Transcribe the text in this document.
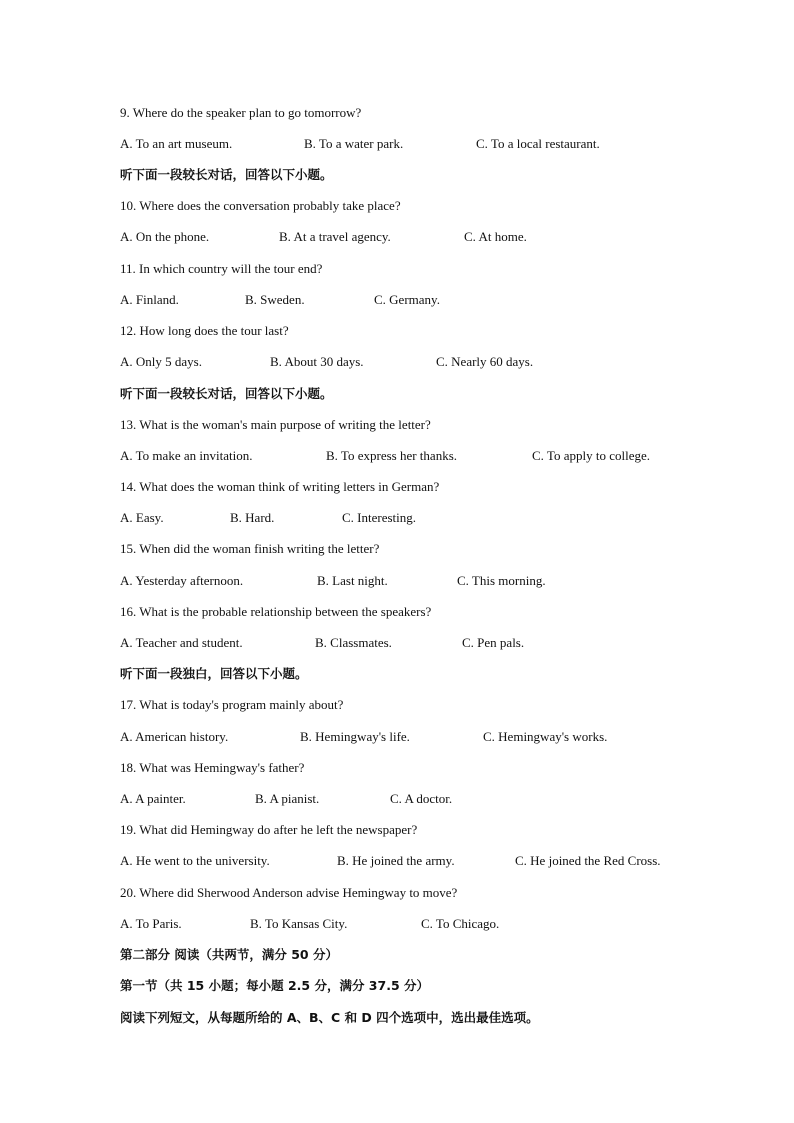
9. Where do the speaker plan to go tomorrow?
A. To an art museum.	B. To a water park.	C. To a local restaurant.
听下面一段较长对话，回答以下小题。
10. Where does the conversation probably take place?
A. On the phone.	B. At a travel agency.	C. At home.
11. In which country will the tour end?
A. Finland.	B. Sweden.	C. Germany.
12. How long does the tour last?
A. Only 5 days.	B. About 30 days.	C. Nearly 60 days.
听下面一段较长对话，回答以下小题。
13. What is the woman's main purpose of writing the letter?
A. To make an invitation.	B. To express her thanks.	C. To apply to college.
14. What does the woman think of writing letters in German?
A. Easy.	B. Hard.	C. Interesting.
15. When did the woman finish writing the letter?
A. Yesterday afternoon.	B. Last night.	C. This morning.
16. What is the probable relationship between the speakers?
A. Teacher and student.	B. Classmates.	C. Pen pals.
听下面一段独白，回答以下小题。
17. What is today's program mainly about?
A. American history.	B. Hemingway's life.	C. Hemingway's works.
18. What was Hemingway's father?
A. A painter.	B. A pianist.	C. A doctor.
19. What did Hemingway do after he left the newspaper?
A. He went to the university.	B. He joined the army.	C. He joined the Red Cross.
20. Where did Sherwood Anderson advise Hemingway to move?
A. To Paris.	B. To Kansas City.	C. To Chicago.
第二部分 阅读（共两节，满分 50 分）
第一节（共 15 小题；每小题 2.5 分，满分 37.5 分）
阅读下列短文，从每题所给的 A、B、C 和 D 四个选项中，选出最佳选项。
